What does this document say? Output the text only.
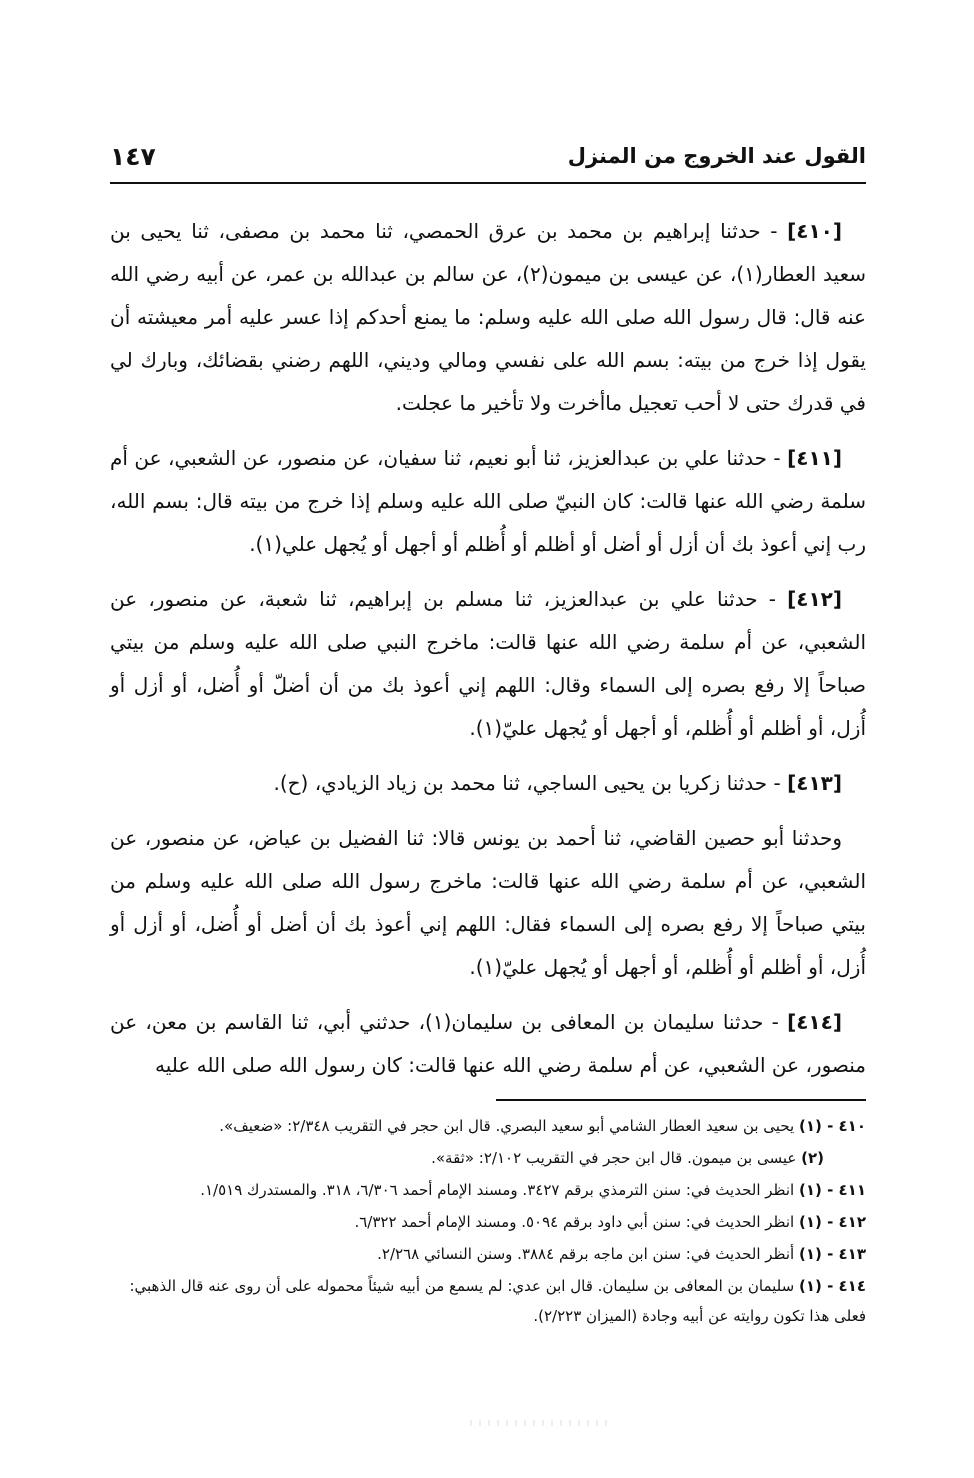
القول عند الخروج من المنزل
١٤٧

[٤١٠] - حدثنا إبراهيم بن محمد بن عرق الحمصي، ثنا محمد بن مصفى، ثنا يحيى بن سعيد العطار(١)، عن عيسى بن ميمون(٢)، عن سالم بن عبدالله بن عمر، عن أبيه رضي الله عنه قال: قال رسول الله صلى الله عليه وسلم: ما يمنع أحدكم إذا عسر عليه أمر معيشته أن يقول إذا خرج من بيته: بسم الله على نفسي ومالي وديني، اللهم رضني بقضائك، وبارك لي في قدرك حتى لا أحب تعجيل ماأخرت ولا تأخير ما عجلت.

[٤١١] - حدثنا علي بن عبدالعزيز، ثنا أبو نعيم، ثنا سفيان، عن منصور، عن الشعبي، عن أم سلمة رضي الله عنها قالت: كان النبيّ صلى الله عليه وسلم إذا خرج من بيته قال: بسم الله، رب إني أعوذ بك أن أزل أو أضل أو أظلم أو أُظلم أو أجهل أو يُجهل علي(١).

[٤١٢] - حدثنا علي بن عبدالعزيز، ثنا مسلم بن إبراهيم، ثنا شعبة، عن منصور، عن الشعبي، عن أم سلمة رضي الله عنها قالت: ماخرج النبي صلى الله عليه وسلم من بيتي صباحاً إلا رفع بصره إلى السماء وقال: اللهم إني أعوذ بك من أن أضلّ أو أُضل، أو أزل أو أُزل، أو أظلم أو أُظلم، أو أجهل أو يُجهل عليّ(١).

[٤١٣] - حدثنا زكريا بن يحيى الساجي، ثنا محمد بن زياد الزيادي، (ح).

وحدثنا أبو حصين القاضي، ثنا أحمد بن يونس قالا: ثنا الفضيل بن عياض، عن منصور، عن الشعبي، عن أم سلمة رضي الله عنها قالت: ماخرج رسول الله صلى الله عليه وسلم من بيتي صباحاً إلا رفع بصره إلى السماء فقال: اللهم إني أعوذ بك أن أضل أو أُضل، أو أزل أو أُزل، أو أظلم أو أُظلم، أو أجهل أو يُجهل عليّ(١).

[٤١٤] - حدثنا سليمان بن المعافى بن سليمان(١)، حدثني أبي، ثنا القاسم بن معن، عن منصور، عن الشعبي، عن أم سلمة رضي الله عنها قالت: كان رسول الله صلى الله عليه

٤١٠ - (١) يحيى بن سعيد العطار الشامي أبو سعيد البصري. قال ابن حجر في التقريب ٢/٣٤٨: «ضعيف».

(٢) عيسى بن ميمون. قال ابن حجر في التقريب ٢/١٠٢: «ثقة».

٤١١ - (١) انظر الحديث في: سنن الترمذي برقم ٣٤٢٧. ومسند الإمام أحمد ٦/٣٠٦، ٣١٨. والمستدرك ١/٥١٩.

٤١٢ - (١) انظر الحديث في: سنن أبي داود برقم ٥٠٩٤. ومسند الإمام أحمد ٦/٣٢٢.

٤١٣ - (١) أنظر الحديث في: سنن ابن ماجه برقم ٣٨٨٤. وسنن النسائي ٢/٢٦٨.

٤١٤ - (١) سليمان بن المعافى بن سليمان. قال ابن عدي: لم يسمع من أبيه شيئاً محموله على أن روى عنه قال الذهبي: فعلى هذا تكون روايته عن أبيه وجادة (الميزان ٢/٢٢٣).
